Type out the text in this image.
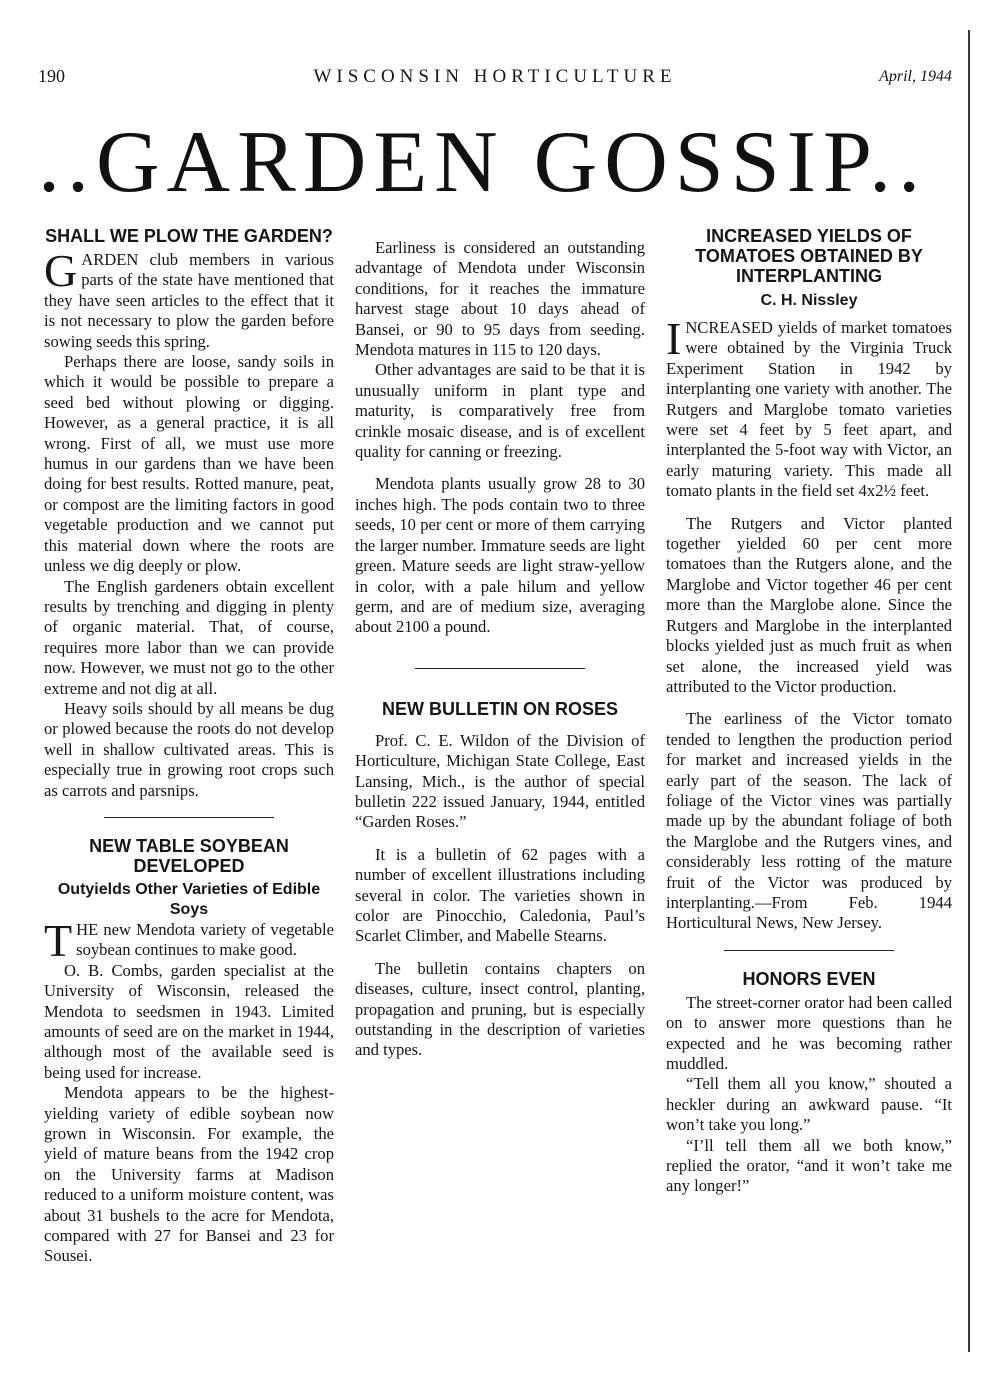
190	WISCONSIN HORTICULTURE	April, 1944
..GARDEN GOSSIP..
SHALL WE PLOW THE GARDEN?

GARDEN club members in various parts of the state have mentioned that they have seen articles to the effect that it is not necessary to plow the garden before sowing seeds this spring.

Perhaps there are loose, sandy soils in which it would be possible to prepare a seed bed without plowing or digging. However, as a general practice, it is all wrong. First of all, we must use more humus in our gardens than we have been doing for best results. Rotted manure, peat, or compost are the limiting factors in good vegetable production and we cannot put this material down where the roots are unless we dig deeply or plow.

The English gardeners obtain excellent results by trenching and digging in plenty of organic material. That, of course, requires more labor than we can provide now. However, we must not go to the other extreme and not dig at all.

Heavy soils should by all means be dug or plowed because the roots do not develop well in shallow cultivated areas. This is especially true in growing root crops such as carrots and parsnips.

NEW TABLE SOYBEAN DEVELOPED
Outyields Other Varieties of Edible Soys

THE new Mendota variety of vegetable soybean continues to make good.

O. B. Combs, garden specialist at the University of Wisconsin, released the Mendota to seedsmen in 1943. Limited amounts of seed are on the market in 1944, although most of the available seed is being used for increase.

Mendota appears to be the highest-yielding variety of edible soybean now grown in Wisconsin. For example, the yield of mature beans from the 1942 crop on the University farms at Madison reduced to a uniform moisture content, was about 31 bushels to the acre for Mendota, compared with 27 for Bansei and 23 for Sousei.

Earliness is considered an outstanding advantage of Mendota under Wisconsin conditions, for it reaches the immature harvest stage about 10 days ahead of Bansei, or 90 to 95 days from seeding. Mendota matures in 115 to 120 days.

Other advantages are said to be that it is unusually uniform in plant type and maturity, is comparatively free from crinkle mosaic disease, and is of excellent quality for canning or freezing.

Mendota plants usually grow 28 to 30 inches high. The pods contain two to three seeds, 10 per cent or more of them carrying the larger number. Immature seeds are light green. Mature seeds are light straw-yellow in color, with a pale hilum and yellow germ, and are of medium size, averaging about 2100 a pound.

NEW BULLETIN ON ROSES

Prof. C. E. Wildon of the Division of Horticulture, Michigan State College, East Lansing, Mich., is the author of special bulletin 222 issued January, 1944, entitled “Garden Roses.”

It is a bulletin of 62 pages with a number of excellent illustrations including several in color. The varieties shown in color are Pinocchio, Caledonia, Paul’s Scarlet Climber, and Mabelle Stearns.

The bulletin contains chapters on diseases, culture, insect control, planting, propagation and pruning, but is especially outstanding in the description of varieties and types.

INCREASED YIELDS OF TOMATOES OBTAINED BY INTERPLANTING
C. H. Nissley

INCREASED yields of market tomatoes were obtained by the Virginia Truck Experiment Station in 1942 by interplanting one variety with another. The Rutgers and Marglobe tomato varieties were set 4 feet by 5 feet apart, and interplanted the 5-foot way with Victor, an early maturing variety. This made all tomato plants in the field set 4x2½ feet.

The Rutgers and Victor planted together yielded 60 per cent more tomatoes than the Rutgers alone, and the Marglobe and Victor together 46 per cent more than the Marglobe alone. Since the Rutgers and Marglobe in the interplanted blocks yielded just as much fruit as when set alone, the increased yield was attributed to the Victor production.

The earliness of the Victor tomato tended to lengthen the production period for market and increased yields in the early part of the season. The lack of foliage of the Victor vines was partially made up by the abundant foliage of both the Marglobe and the Rutgers vines, and considerably less rotting of the mature fruit of the Victor was produced by interplanting.—From Feb. 1944 Horticultural News, New Jersey.

HONORS EVEN

The street-corner orator had been called on to answer more questions than he expected and he was becoming rather muddled.

“Tell them all you know,” shouted a heckler during an awkward pause. “It won’t take you long.”

“I’ll tell them all we both know,” replied the orator, “and it won’t take me any longer!”
